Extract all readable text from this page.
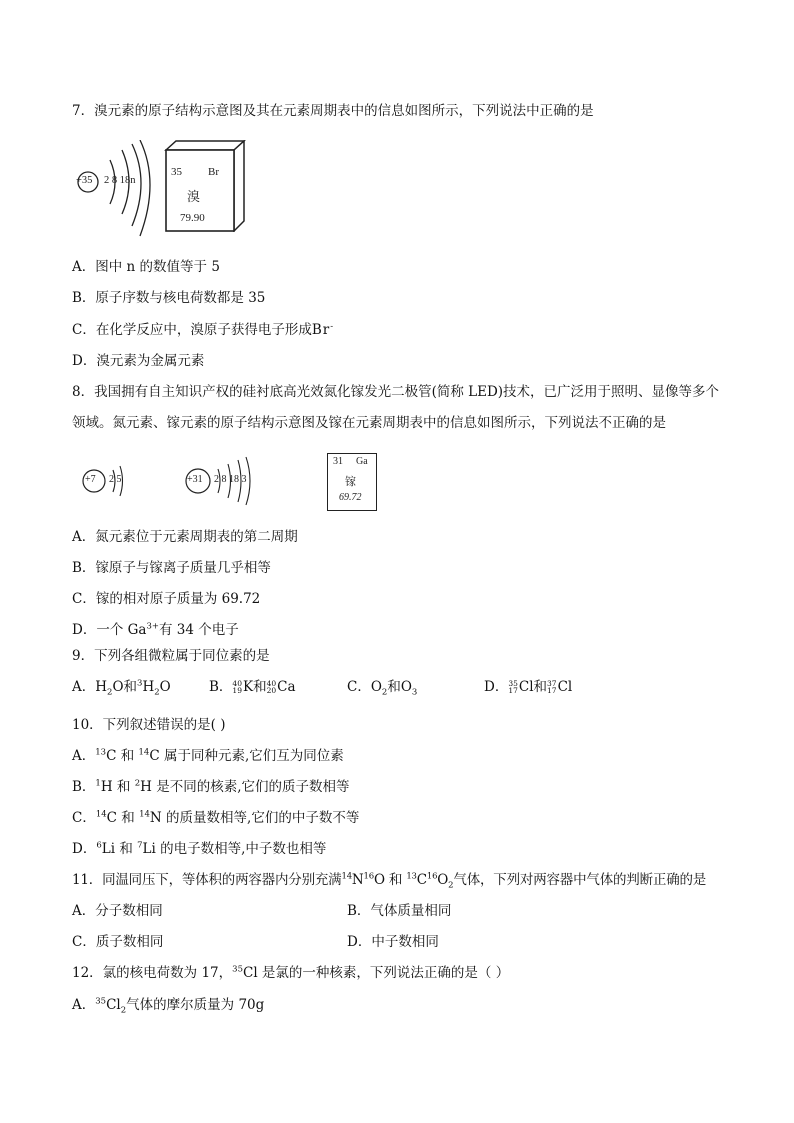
7．溴元素的原子结构示意图及其在元素周期表中的信息如图所示，下列说法中正确的是
+35 2 8 18n
35 Br
溴
79.90
A．图中 n 的数值等于 5
B．原子序数与核电荷数都是 35
C．在化学反应中，溴原子获得电子形成Br-
D．溴元素为金属元素
8．我国拥有自主知识产权的硅衬底高光效氮化镓发光二极管(简称 LED)技术，已广泛用于照明、显像等多个领域。氮元素、镓元素的原子结构示意图及镓在元素周期表中的信息如图所示，下列说法不正确的是
+7 2 5	+31 2 8 18 3
31 Ga
镓
69.72
A．氮元素位于元素周期表的第二周期
B．镓原子与镓离子质量几乎相等
C．镓的相对原子质量为 69.72
D．一个 $Ga^{3+}$有 34 个电子
9．下列各组微粒属于同位素的是
A．$H_2O$和$^3H_2O$	B． 40
19 K和 40
20 Ca	C．$O_2$和$O_3$	D． 35
17 Cl和 37
17 Cl
10．下列叙述错误的是( )
A．$^{13}$C 和 $^{14}$C 属于同种元素,它们互为同位素
B．$^1$H 和 $^2$H 是不同的核素,它们的质子数相等
C．$^{14}$C 和 $^{14}$N 的质量数相等,它们的中子数不等
D．$^6$Li 和 $^7$Li 的电子数相等,中子数也相等
11．同温同压下，等体积的两容器内分别充满$^{14}N^{16}O$ 和 $^{13}C^{16}O_2$气体，下列对两容器中气体的判断正确的是
A．分子数相同	B．气体质量相同
C．质子数相同	D．中子数相同
12．氯的核电荷数为 17，$^{35}$Cl 是氯的一种核素，下列说法正确的是（ ）
A．$^{35}Cl_2$气体的摩尔质量为 70g
